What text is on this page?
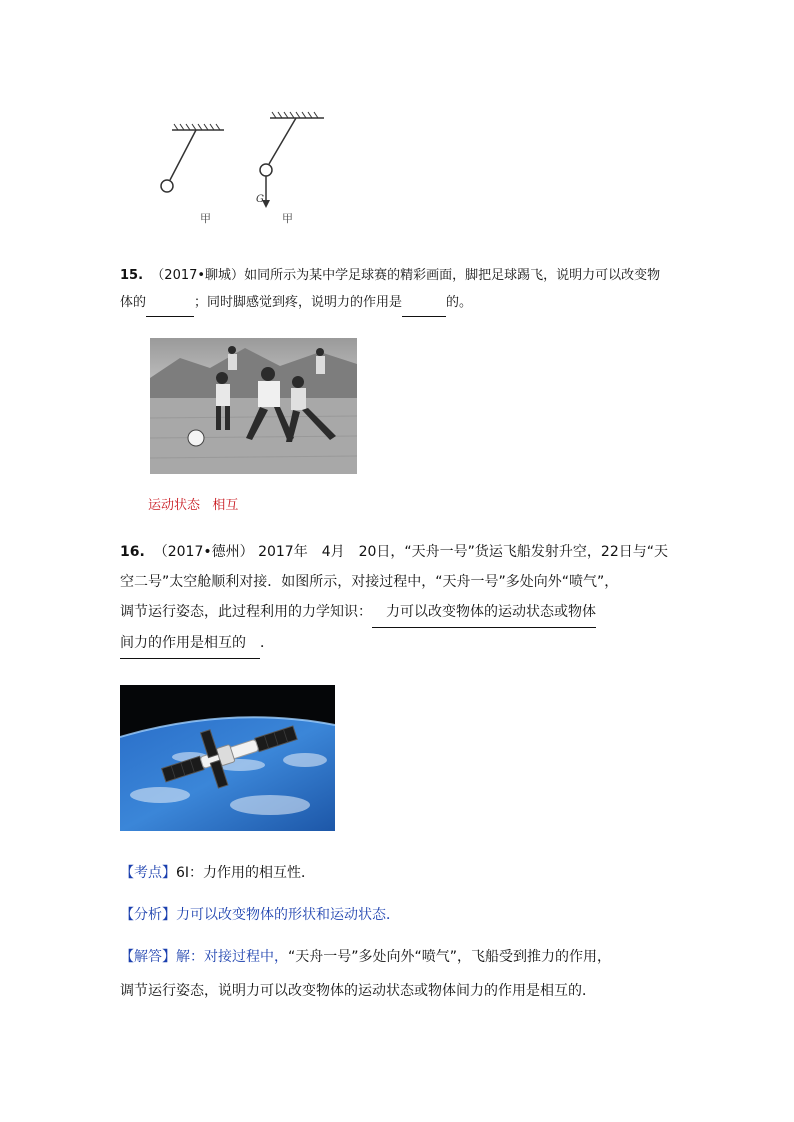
甲
G
甲
15. （2017•聊城）如同所示为某中学足球赛的精彩画面，脚把足球踢飞，说明力可以改变物
体的	；同时脚感觉到疼，说明力的作用是	的。
运动状态 相互
16. （2017•德州） 2017年　4月　20日，“天舟一号”货运飞船发射升空，22日与“天
空二号”太空舱顺利对接．如图所示，对接过程中，“天舟一号”多处向外“喷气”，
调节运行姿态，此过程利用的力学知识：　力可以改变物体的运动状态或物体
间力的作用是相互的　．
【考点】6I：力作用的相互性．
【分析】力可以改变物体的形状和运动状态．
【解答】解：对接过程中，“天舟一号”多处向外“喷气”，飞船受到推力的作用，
调节运行姿态，说明力可以改变物体的运动状态或物体间力的作用是相互的．
